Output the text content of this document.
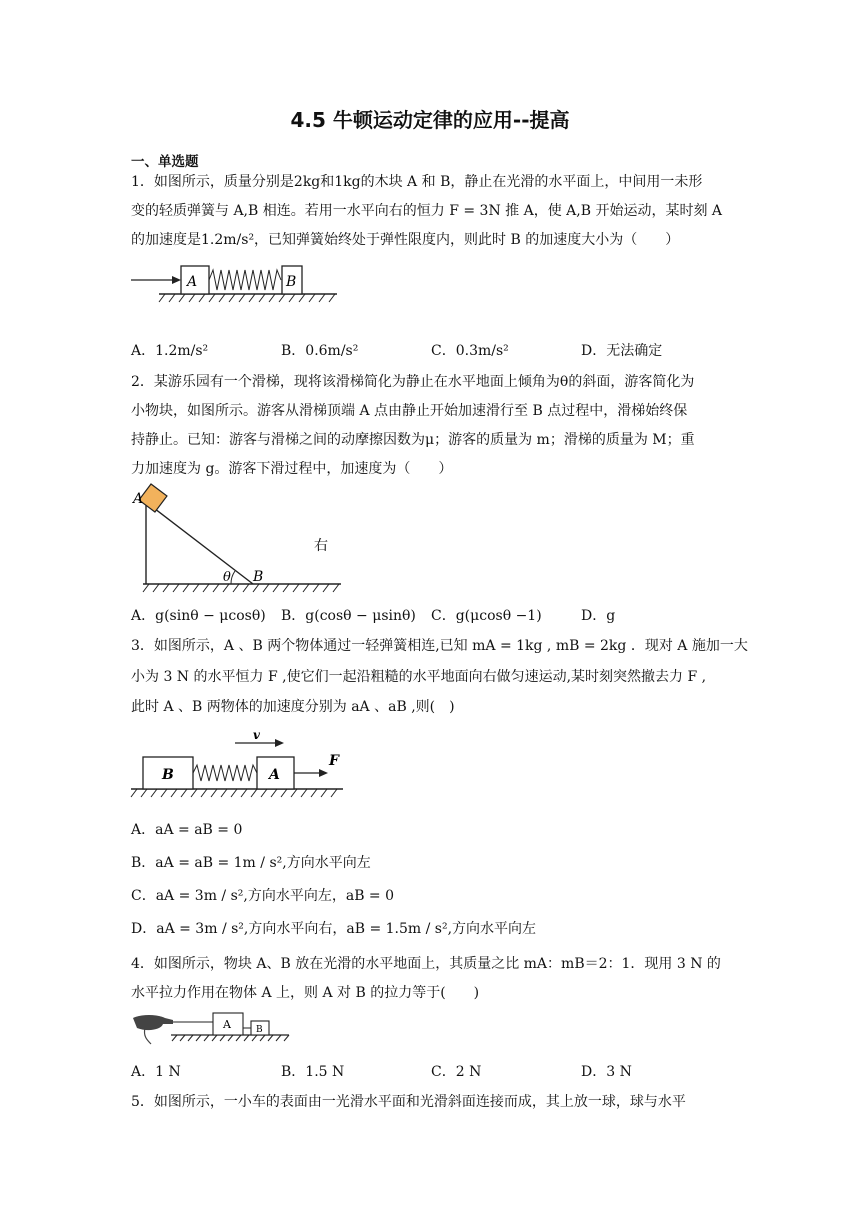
4.5 牛顿运动定律的应用--提高
一、单选题
1．如图所示，质量分别是2kg和1kg的木块 A 和 B，静止在光滑的水平面上，中间用一未形
变的轻质弹簧与 A,B 相连。若用一水平向右的恒力 F = 3N 推 A，使 A,B 开始运动，某时刻 A
的加速度是1.2m/s²，已知弹簧始终处于弹性限度内，则此时 B 的加速度大小为（　　）
A	B
A．1.2m/s²	B．0.6m/s²	C．0.3m/s²	D．无法确定
2．某游乐园有一个滑梯，现将该滑梯简化为静止在水平地面上倾角为θ的斜面，游客简化为
小物块，如图所示。游客从滑梯顶端 A 点由静止开始加速滑行至 B 点过程中，滑梯始终保
持静止。已知：游客与滑梯之间的动摩擦因数为μ；游客的质量为 m；滑梯的质量为 M；重
力加速度为 g。游客下滑过程中，加速度为（　　）
A
B
θ
右
A．g(sinθ − μcosθ) B．g(cosθ − μsinθ) C．g(μcosθ −1)	D．g
3．如图所示，A 、B 两个物体通过一轻弹簧相连,已知 mA = 1kg , mB = 2kg ．现对 A 施加一大
小为 3 N 的水平恒力 F ,使它们一起沿粗糙的水平地面向右做匀速运动,某时刻突然撤去力 F ,
此时 A 、B 两物体的加速度分别为 aA 、aB ,则(　)
B	A
v
F
A．aA = aB = 0
B．aA = aB = 1m / s²,方向水平向左
C．aA = 3m / s²,方向水平向左，aB = 0
D．aA = 3m / s²,方向水平向右，aB = 1.5m / s²,方向水平向左
4．如图所示，物块 A、B 放在光滑的水平地面上，其质量之比 mA：mB＝2：1．现用 3 N 的
水平拉力作用在物体 A 上，则 A 对 B 的拉力等于(　　)
A	B
A．1 N	B．1.5 N	C．2 N	D．3 N
5．如图所示，一小车的表面由一光滑水平面和光滑斜面连接而成，其上放一球，球与水平
